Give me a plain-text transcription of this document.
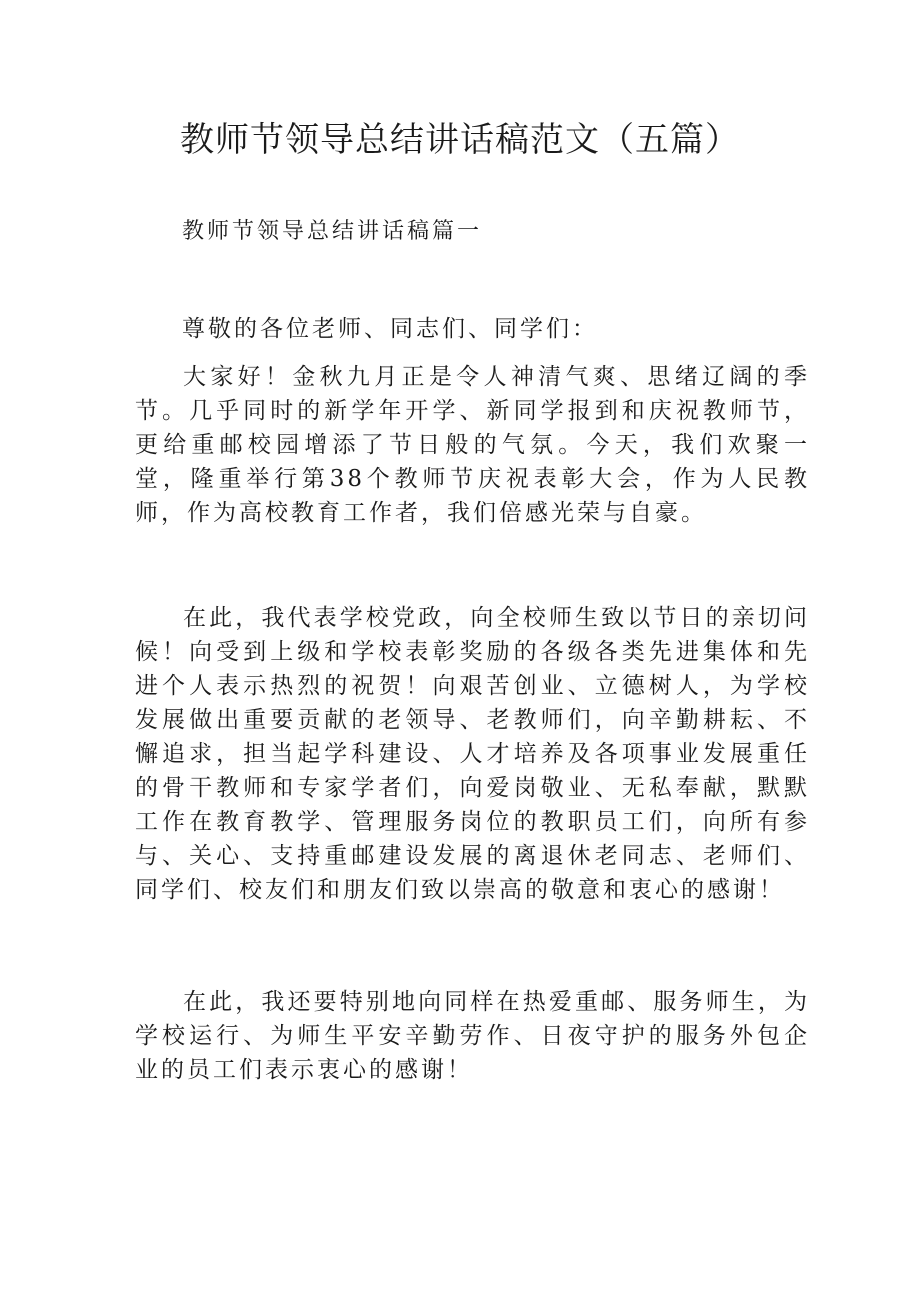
教师节领导总结讲话稿范文（五篇）
教师节领导总结讲话稿篇一
尊敬的各位老师、同志们、同学们：
大家好！金秋九月正是令人神清气爽、思绪辽阔的季节。几乎同时的新学年开学、新同学报到和庆祝教师节，更给重邮校园增添了节日般的气氛。今天，我们欢聚一堂，隆重举行第38个教师节庆祝表彰大会，作为人民教师，作为高校教育工作者，我们倍感光荣与自豪。
在此，我代表学校党政，向全校师生致以节日的亲切问候！向受到上级和学校表彰奖励的各级各类先进集体和先进个人表示热烈的祝贺！向艰苦创业、立德树人，为学校发展做出重要贡献的老领导、老教师们，向辛勤耕耘、不懈追求，担当起学科建设、人才培养及各项事业发展重任的骨干教师和专家学者们，向爱岗敬业、无私奉献，默默工作在教育教学、管理服务岗位的教职员工们，向所有参与、关心、支持重邮建设发展的离退休老同志、老师们、同学们、校友们和朋友们致以崇高的敬意和衷心的感谢！
在此，我还要特别地向同样在热爱重邮、服务师生，为学校运行、为师生平安辛勤劳作、日夜守护的服务外包企业的员工们表示衷心的感谢！
